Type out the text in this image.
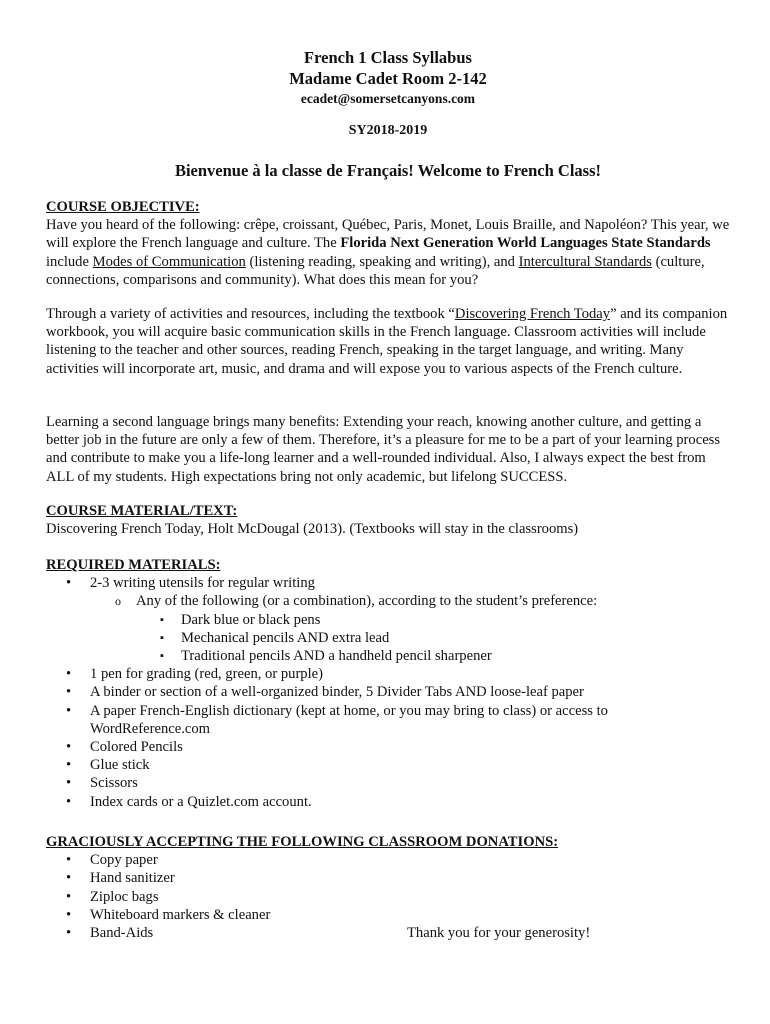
French 1 Class Syllabus
Madame Cadet Room 2-142
ecadet@somersetcanyons.com
SY2018-2019
Bienvenue à la classe de Français! Welcome to French Class!

COURSE OBJECTIVE:

Have you heard of the following: crêpe, croissant, Québec, Paris, Monet, Louis Braille, and Napoléon? This year, we will explore the French language and culture. The Florida Next Generation World Languages State Standards include Modes of Communication (listening reading, speaking and writing), and Intercultural Standards (culture, connections, comparisons and community). What does this mean for you?

Through a variety of activities and resources, including the textbook “Discovering French Today” and its companion workbook, you will acquire basic communication skills in the French language. Classroom activities will include listening to the teacher and other sources, reading French, speaking in the target language, and writing. Many activities will incorporate art, music, and drama and will expose you to various aspects of the French culture.

Learning a second language brings many benefits: Extending your reach, knowing another culture, and getting a better job in the future are only a few of them. Therefore, it’s a pleasure for me to be a part of your learning process and contribute to make you a life-long learner and a well-rounded individual. Also, I always expect the best from ALL of my students. High expectations bring not only academic, but lifelong SUCCESS.

COURSE MATERIAL/TEXT:

Discovering French Today, Holt McDougal (2013). (Textbooks will stay in the classrooms)

REQUIRED MATERIALS:

• 2-3 writing utensils for regular writing
o Any of the following (or a combination), according to the student’s preference:
▪ Dark blue or black pens
▪ Mechanical pencils AND extra lead
▪ Traditional pencils AND a handheld pencil sharpener
• 1 pen for grading (red, green, or purple)
• A binder or section of a well-organized binder, 5 Divider Tabs AND loose-leaf paper
• A paper French-English dictionary (kept at home, or you may bring to class) or access to WordReference.com
• Colored Pencils
• Glue stick
• Scissors
• Index cards or a Quizlet.com account.

GRACIOUSLY ACCEPTING THE FOLLOWING CLASSROOM DONATIONS:

• Copy paper
• Hand sanitizer
• Ziploc bags
• Whiteboard markers & cleaner
• Band-Aids	Thank you for your generosity!
